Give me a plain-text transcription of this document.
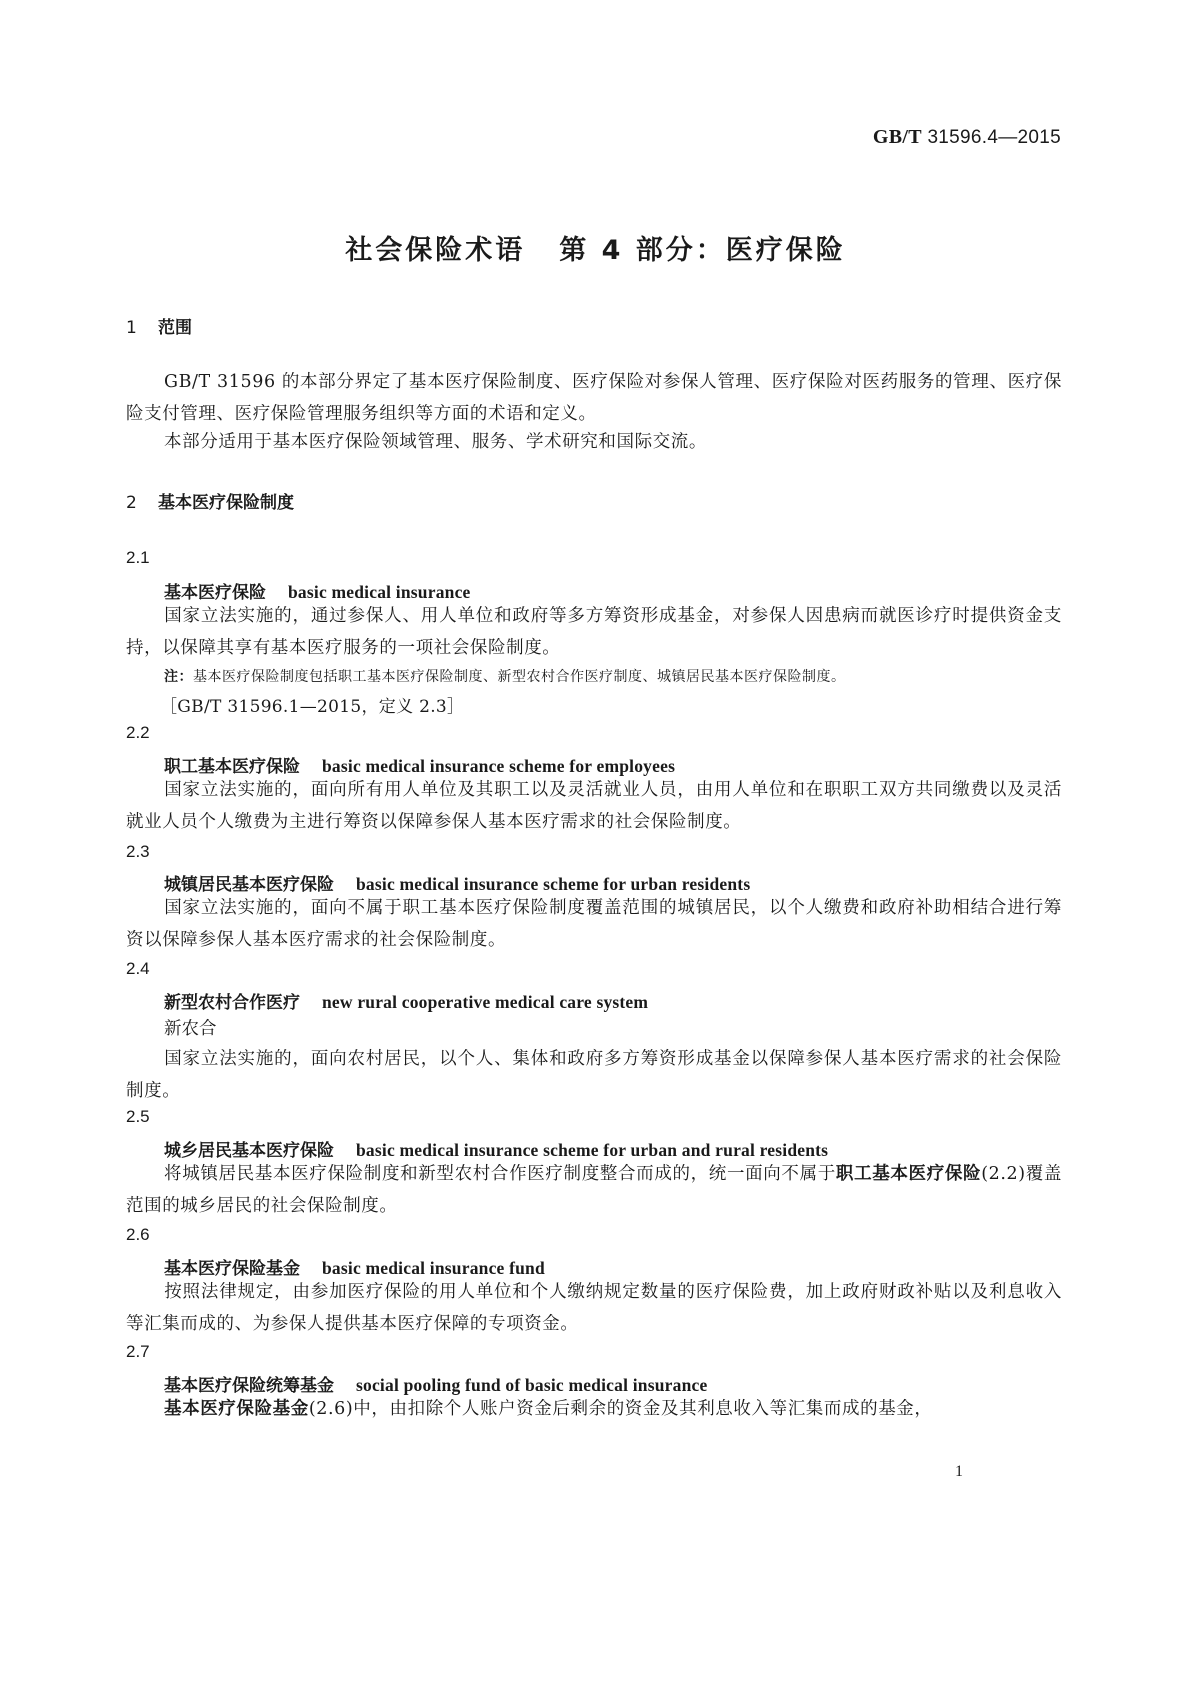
GB/T 31596.4—2015
社会保险术语 第 4 部分：医疗保险
1 范围
GB/T 31596 的本部分界定了基本医疗保险制度、医疗保险对参保人管理、医疗保险对医药服务的管理、医疗保险支付管理、医疗保险管理服务组织等方面的术语和定义。
本部分适用于基本医疗保险领域管理、服务、学术研究和国际交流。
2 基本医疗保险制度
2.1
基本医疗保险 basic medical insurance
国家立法实施的，通过参保人、用人单位和政府等多方筹资形成基金，对参保人因患病而就医诊疗时提供资金支持，以保障其享有基本医疗服务的一项社会保险制度。
注：基本医疗保险制度包括职工基本医疗保险制度、新型农村合作医疗制度、城镇居民基本医疗保险制度。
［GB/T 31596.1—2015，定义 2.3］
2.2
职工基本医疗保险 basic medical insurance scheme for employees
国家立法实施的，面向所有用人单位及其职工以及灵活就业人员，由用人单位和在职职工双方共同缴费以及灵活就业人员个人缴费为主进行筹资以保障参保人基本医疗需求的社会保险制度。
2.3
城镇居民基本医疗保险 basic medical insurance scheme for urban residents
国家立法实施的，面向不属于职工基本医疗保险制度覆盖范围的城镇居民，以个人缴费和政府补助相结合进行筹资以保障参保人基本医疗需求的社会保险制度。
2.4
新型农村合作医疗 new rural cooperative medical care system
新农合
国家立法实施的，面向农村居民，以个人、集体和政府多方筹资形成基金以保障参保人基本医疗需求的社会保险制度。
2.5
城乡居民基本医疗保险 basic medical insurance scheme for urban and rural residents
将城镇居民基本医疗保险制度和新型农村合作医疗制度整合而成的，统一面向不属于职工基本医疗保险(2.2)覆盖范围的城乡居民的社会保险制度。
2.6
基本医疗保险基金 basic medical insurance fund
按照法律规定，由参加医疗保险的用人单位和个人缴纳规定数量的医疗保险费，加上政府财政补贴以及利息收入等汇集而成的、为参保人提供基本医疗保障的专项资金。
2.7
基本医疗保险统筹基金 social pooling fund of basic medical insurance
基本医疗保险基金(2.6)中，由扣除个人账户资金后剩余的资金及其利息收入等汇集而成的基金，
1
